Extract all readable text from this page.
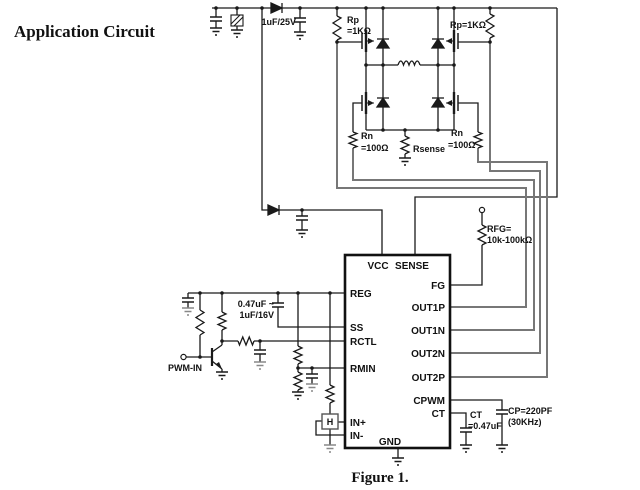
Application Circuit
VCC SENSE
REG
SS
RCTL
RMIN
IN+
IN-
FG
OUT1P
OUT1N
OUT2N
OUT2P
CPWM
CT
GND
H
1uF/25V	Rp
=1KΩ
Rp=1KΩ
Rn
=100Ω
Rn
=100Ω
Rsense
RFG=
10k-100kΩ
0.47uF ~
1uF/16V
PWM-IN
CP=220PF
(30KHz)
CT
=0.47uF
Figure 1.
